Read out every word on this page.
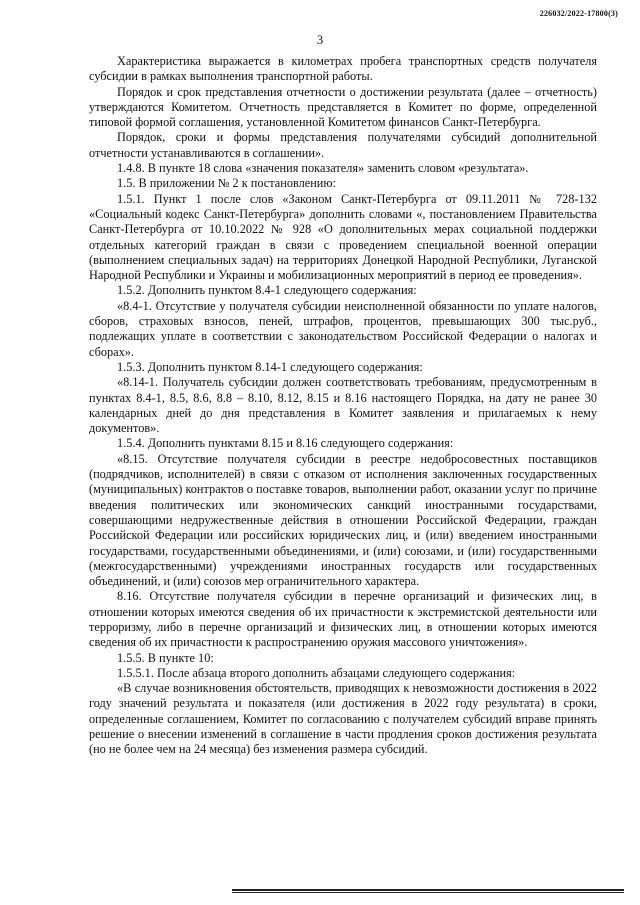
226032/2022-17800(3)
3

Характеристика выражается в километрах пробега транспортных средств получателя субсидии в рамках выполнения транспортной работы.

Порядок и срок представления отчетности о достижении результата (далее – отчетность) утверждаются Комитетом. Отчетность представляется в Комитет по форме, определенной типовой формой соглашения, установленной Комитетом финансов Санкт-Петербурга.

Порядок, сроки и формы представления получателями субсидий дополнительной отчетности устанавливаются в соглашении».

1.4.8. В пункте 18 слова «значения показателя» заменить словом «результата».

1.5. В приложении № 2 к постановлению:

1.5.1. Пункт 1 после слов «Законом Санкт-Петербурга от 09.11.2011 № 728-132 «Социальный кодекс Санкт-Петербурга» дополнить словами «, постановлением Правительства Санкт-Петербурга от 10.10.2022 № 928 «О дополнительных мерах социальной поддержки отдельных категорий граждан в связи с проведением специальной военной операции (выполнением специальных задач) на территориях Донецкой Народной Республики, Луганской Народной Республики и Украины и мобилизационных мероприятий в период ее проведения».

1.5.2. Дополнить пунктом 8.4-1 следующего содержания:

«8.4-1. Отсутствие у получателя субсидии неисполненной обязанности по уплате налогов, сборов, страховых взносов, пеней, штрафов, процентов, превышающих 300 тыс.руб., подлежащих уплате в соответствии с законодательством Российской Федерации о налогах и сборах».

1.5.3. Дополнить пунктом 8.14-1 следующего содержания:

«8.14-1. Получатель субсидии должен соответствовать требованиям, предусмотренным в пунктах 8.4-1, 8.5, 8.6, 8.8 – 8.10, 8.12, 8.15 и 8.16 настоящего Порядка, на дату не ранее 30 календарных дней до дня представления в Комитет заявления и прилагаемых к нему документов».

1.5.4. Дополнить пунктами 8.15 и 8.16 следующего содержания:

«8.15. Отсутствие получателя субсидии в реестре недобросовестных поставщиков (подрядчиков, исполнителей) в связи с отказом от исполнения заключенных государственных (муниципальных) контрактов о поставке товаров, выполнении работ, оказании услуг по причине введения политических или экономических санкций иностранными государствами, совершающими недружественные действия в отношении Российской Федерации, граждан Российской Федерации или российских юридических лиц, и (или) введением иностранными государствами, государственными объединениями, и (или) союзами, и (или) государственными (межгосударственными) учреждениями иностранных государств или государственных объединений, и (или) союзов мер ограничительного характера.

8.16. Отсутствие получателя субсидии в перечне организаций и физических лиц, в отношении которых имеются сведения об их причастности к экстремистской деятельности или терроризму, либо в перечне организаций и физических лиц, в отношении которых имеются сведения об их причастности к распространению оружия массового уничтожения».

1.5.5. В пункте 10:

1.5.5.1. После абзаца второго дополнить абзацами следующего содержания:

«В случае возникновения обстоятельств, приводящих к невозможности достижения в 2022 году значений результата и показателя (или достижения в 2022 году результата) в сроки, определенные соглашением, Комитет по согласованию с получателем субсидий вправе принять решение о внесении изменений в соглашение в части продления сроков достижения результата (но не более чем на 24 месяца) без изменения размера субсидий.
